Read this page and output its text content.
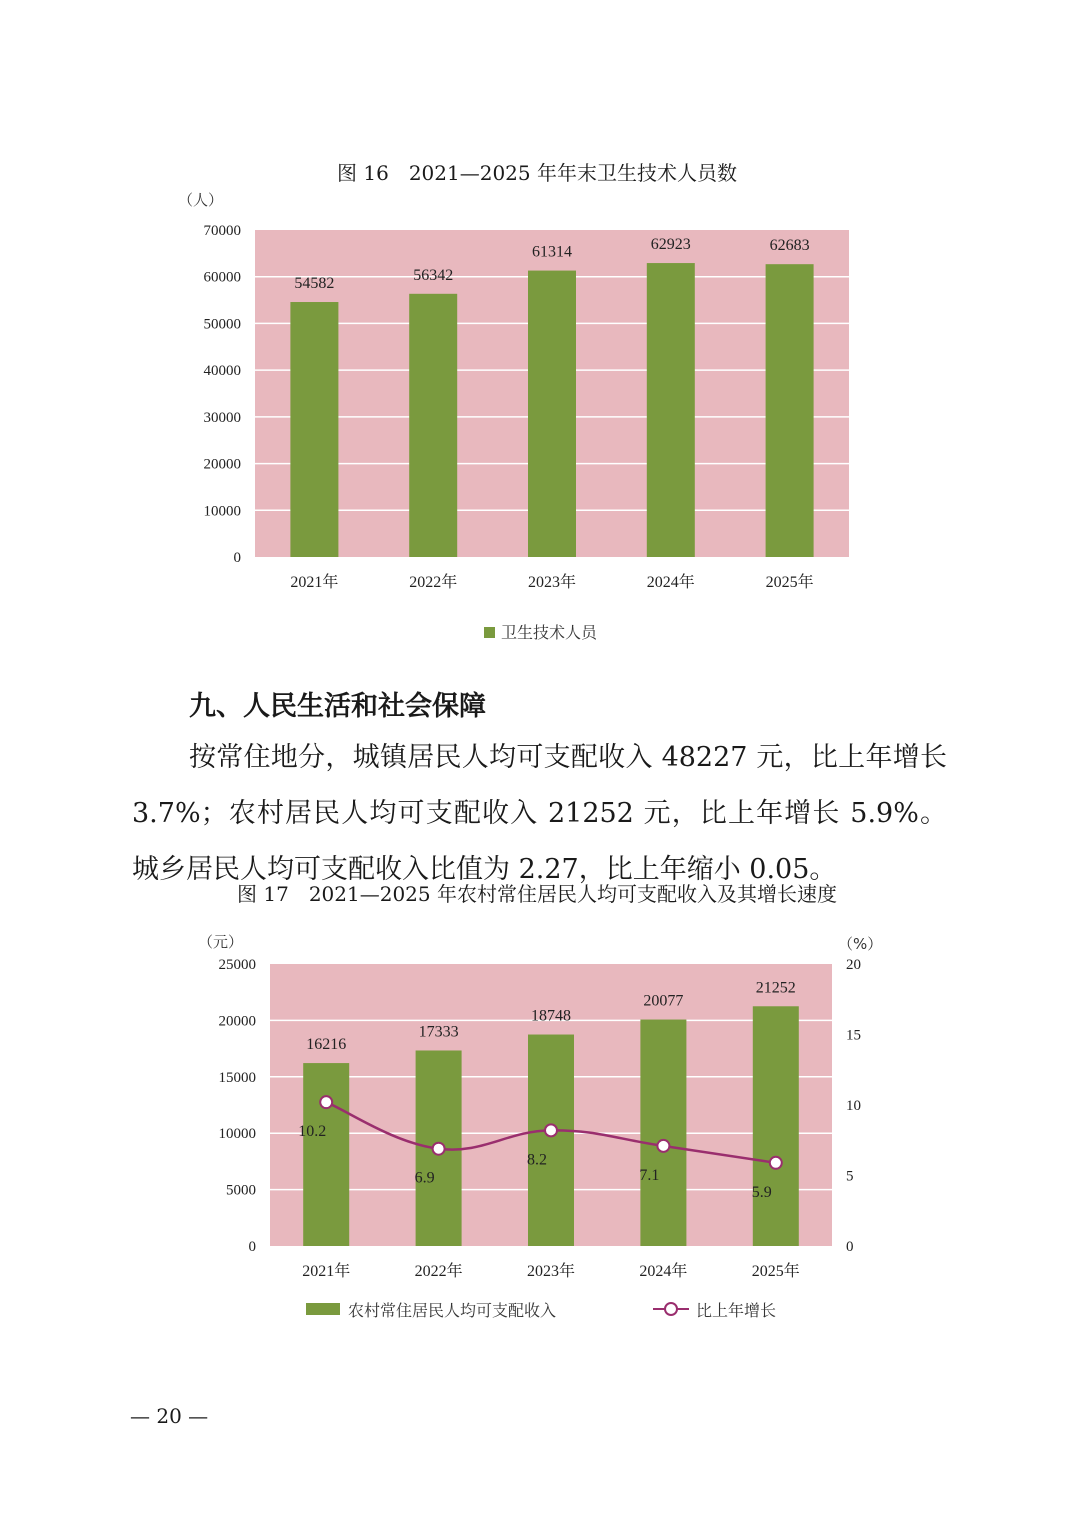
图 16　2021—2025 年年末卫生技术人员数
（人）
0
10000
20000
30000
40000
50000
60000
70000
2021年	2022年	2023年	2024年	2025年
54582	56342
61314	62923	62683
卫生技术人员
九、人民生活和社会保障

按常住地分，城镇居民人均可支配收入 48227 元，比上年增长 3.7%；农村居民人均可支配收入 21252 元，比上年增长 5.9%。城乡居民人均可支配收入比值为 2.27，比上年缩小 0.05。

图 17　2021—2025 年农村常住居民人均可支配收入及其增长速度
（元）	（%）
0
5000
10000
15000
20000
25000
0
5
10
15
20
2021年	2022年	2023年	2024年	2025年
16216
17333
18748
20077
21252
10.2
6.9
8.2
7.1
5.9
农村常住居民人均可支配收入	比上年增长
— 20 —
